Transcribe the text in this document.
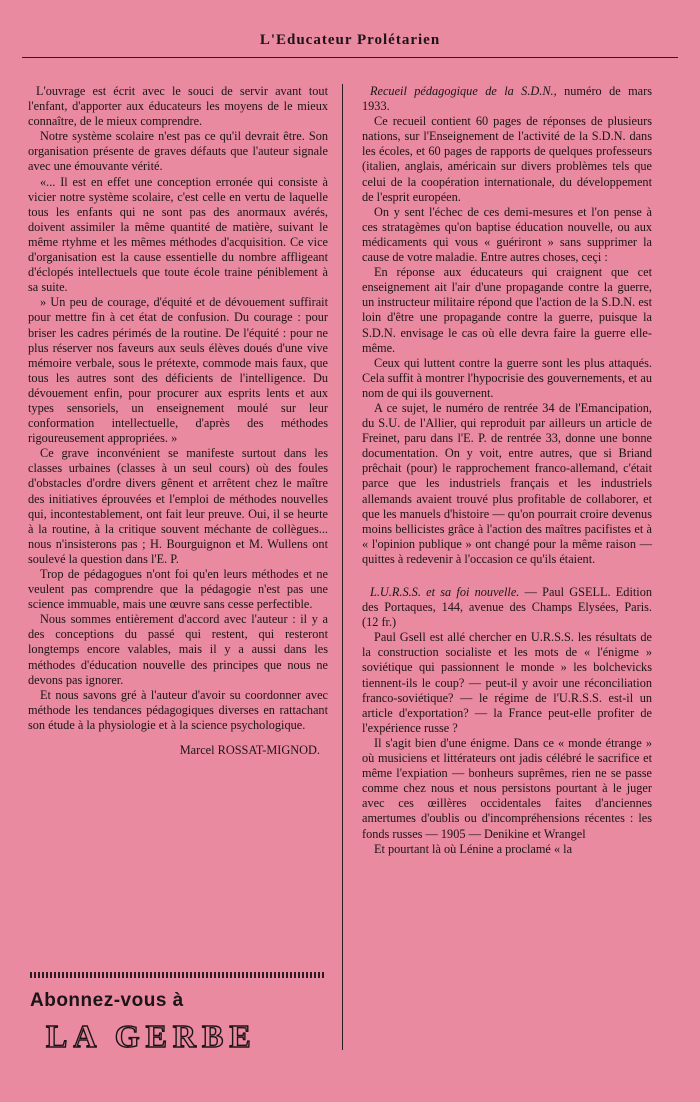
L'Educateur Prolétarien

L'ouvrage est écrit avec le souci de servir avant tout l'enfant, d'apporter aux éducateurs les moyens de le mieux connaître, de le mieux comprendre.

Notre système scolaire n'est pas ce qu'il devrait être. Son organisation présente de graves défauts que l'auteur signale avec une émouvante vérité.

«... Il est en effet une conception erronée qui consiste à vicier notre système scolaire, c'est celle en vertu de laquelle tous les enfants qui ne sont pas des anormaux avérés, doivent assimiler la même quantité de matière, suivant le même rtyhme et les mêmes méthodes d'acquisition. Ce vice d'organisation est la cause essentielle du nombre affligeant d'éclopés intellectuels que toute école traine péniblement à sa suite.

» Un peu de courage, d'équité et de dévouement suffirait pour mettre fin à cet état de confusion. Du courage : pour briser les cadres périmés de la routine. De l'équité : pour ne plus réserver nos faveurs aux seuls élèves doués d'une vive mémoire verbale, sous le prétexte, commode mais faux, que tous les autres sont des déficients de l'intelligence. Du dévouement enfin, pour procurer aux esprits lents et aux types sensoriels, un enseignement moulé sur leur conformation intellectuelle, d'après des méthodes rigoureusement appropriées. »

Ce grave inconvénient se manifeste surtout dans les classes urbaines (classes à un seul cours) où des foules d'obstacles d'ordre divers gênent et arrêtent chez le maître des initiatives éprouvées et l'emploi de méthodes nouvelles qui, incontestablement, ont fait leur preuve. Oui, il se heurte à la routine, à la critique souvent méchante de collègues... nous n'insisterons pas ; H. Bourguignon et M. Wullens ont soulevé la question dans l'E. P.

Trop de pédagogues n'ont foi qu'en leurs méthodes et ne veulent pas comprendre que la pédagogie n'est pas une science immuable, mais une œuvre sans cesse perfectible.

Nous sommes entièrement d'accord avec l'auteur : il y a des conceptions du passé qui restent, qui resteront longtemps encore valables, mais il y a aussi dans les méthodes d'éducation nouvelle des principes que nous ne devons pas ignorer.

Et nous savons gré à l'auteur d'avoir su coordonner avec méthode les tendances pédagogiques diverses en rattachant son étude à la physiologie et à la science psychologique.

Marcel ROSSAT-MIGNOD.

Abonnez-vous à
LA GERBE

Recueil pédagogique de la S.D.N., numéro de mars 1933.

Ce recueil contient 60 pages de réponses de plusieurs nations, sur l'Enseignement de l'activité de la S.D.N. dans les écoles, et 60 pages de rapports de quelques professeurs (italien, anglais, américain sur divers problèmes tels que celui de la coopération internationale, du développement de l'esprit européen.

On y sent l'échec de ces demi-mesures et l'on pense à ces stratagèmes qu'on baptise éducation nouvelle, ou aux médicaments qui vous « guériront » sans supprimer la cause de votre maladie. Entre autres choses, ceçi :

En réponse aux éducateurs qui craignent que cet enseignement ait l'air d'une propagande contre la guerre, un instructeur militaire répond que l'action de la S.D.N. est loin d'être une propagande contre la guerre, puisque la S.D.N. envisage le cas où elle devra faire la guerre elle-même.

Ceux qui luttent contre la guerre sont les plus attaqués. Cela suffit à montrer l'hypocrisie des gouvernements, et au nom de qui ils gouvernent.

A ce sujet, le numéro de rentrée 34 de l'Emancipation, du S.U. de l'Allier, qui reproduit par ailleurs un article de Freinet, paru dans l'E. P. de rentrée 33, donne une bonne documentation. On y voit, entre autres, que si Briand prêchait (pour) le rapprochement franco-allemand, c'était parce que les industriels français et les industriels allemands avaient trouvé plus profitable de collaborer, et que les manuels d'histoire — qu'on pourrait croire devenus moins bellicistes grâce à l'action des maîtres pacifistes et à « l'opinion publique » ont changé pour la même raison — quittes à redevenir à l'occasion ce qu'ils étaient.

L.U.R.S.S. et sa foi nouvelle. — Paul GSELL. Edition des Portaques, 144, avenue des Champs Elysées, Paris. (12 fr.)

Paul Gsell est allé chercher en U.R.S.S. les résultats de la construction socialiste et les mots de « l'énigme » soviétique qui passionnent le monde » les bolchevicks tiennent-ils le coup? — peut-il y avoir une réconciliation franco-soviétique? — le régime de l'U.R.S.S. est-il un article d'exportation? — la France peut-elle profiter de l'expérience russe ?

Il s'agit bien d'une énigme. Dans ce « monde étrange » où musiciens et littérateurs ont jadis célébré le sacrifice et même l'expiation — bonheurs suprêmes, rien ne se passe comme chez nous et nous persistons pourtant à le juger avec ces œillères occidentales faites d'anciennes amertumes d'oublis ou d'incompréhensions récentes : les fonds russes — 1905 — Denikine et Wrangel

Et pourtant là où Lénine a proclamé « la
